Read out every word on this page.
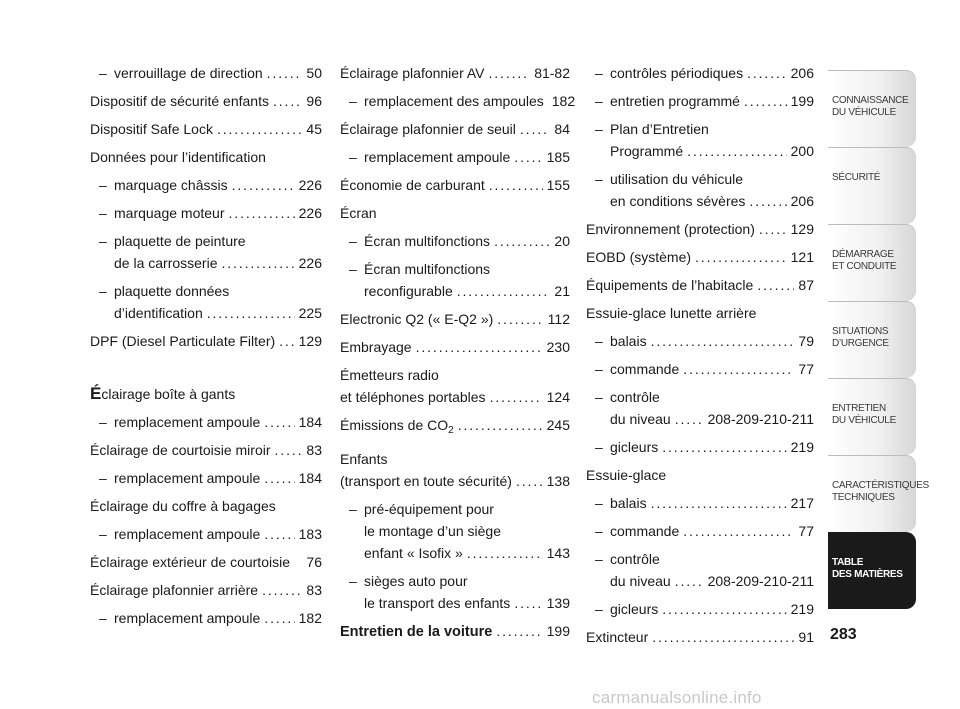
– verrouillage de direction . . .	50
Dispositif de sécurité enfants . . .	96
Dispositif Safe Lock . . .	45
Données pour l’identification
– marquage châssis . . .	226
– marquage moteur . . .	226
– plaquette de peinture
de la carrosserie . . .	226
– plaquette données
d’identification . . .	225
DPF (Diesel Particulate Filter) . . . 129
Éclairage boîte à gants
– remplacement ampoule . . .	184
Éclairage de courtoisie miroir . . .	83
– remplacement ampoule . . .	184
Éclairage du coffre à bagages
– remplacement ampoule . . .	183
Éclairage extérieur de courtoisie 76
Éclairage plafonnier arrière . . .	83
– remplacement ampoule . . .	182
Éclairage plafonnier AV . . .	81-82
– remplacement des ampoules 182
Éclairage plafonnier de seuil . . .	84
– remplacement ampoule . . .	185
Économie de carburant . . .	155
Écran
– Écran multifonctions . . .	20
– Écran multifonctions
reconfigurable . . .	21
Electronic Q2 (« E-Q2 ») . . .	112
Embrayage . . .	230
Émetteurs radio
et téléphones portables . . .	124
Émissions de $CO_2$ . . .	245
Enfants
(transport en toute sécurité) . . . 138
– pré-équipement pour
le montage d’un siège
enfant « Isofix » . . .	143
– sièges auto pour
le transport des enfants . . .	139
Entretien de la voiture . . .	199
– contrôles périodiques . . .	206
– entretien programmé . . .	199
– Plan d’Entretien
Programmé . . .	200
– utilisation du véhicule
en conditions sévères . . .	206
Environnement (protection) . . .	129
EOBD (système) . . .	121
Équipements de l’habitacle . . .	87
Essuie-glace lunette arrière
– balais . . .	79
– commande . . .	77
– contrôle
du niveau . . .	208-209-210-211
– gicleurs . . .	219
Essuie-glace
– balais . . .	217
– commande . . .	77
– contrôle
du niveau . . .	208-209-210-211
– gicleurs . . .	219
Extincteur . . .	91
CONNAISSANCE
DU VÉHICULE
SÉCURITÉ
DÉMARRAGE
ET CONDUITE
SITUATIONS
D’URGENCE
ENTRETIEN
DU VÉHICULE
CARACTÉRISTIQUES
TECHNIQUES
TABLE
DES MATIÈRES
283
carmanualsonline.info
